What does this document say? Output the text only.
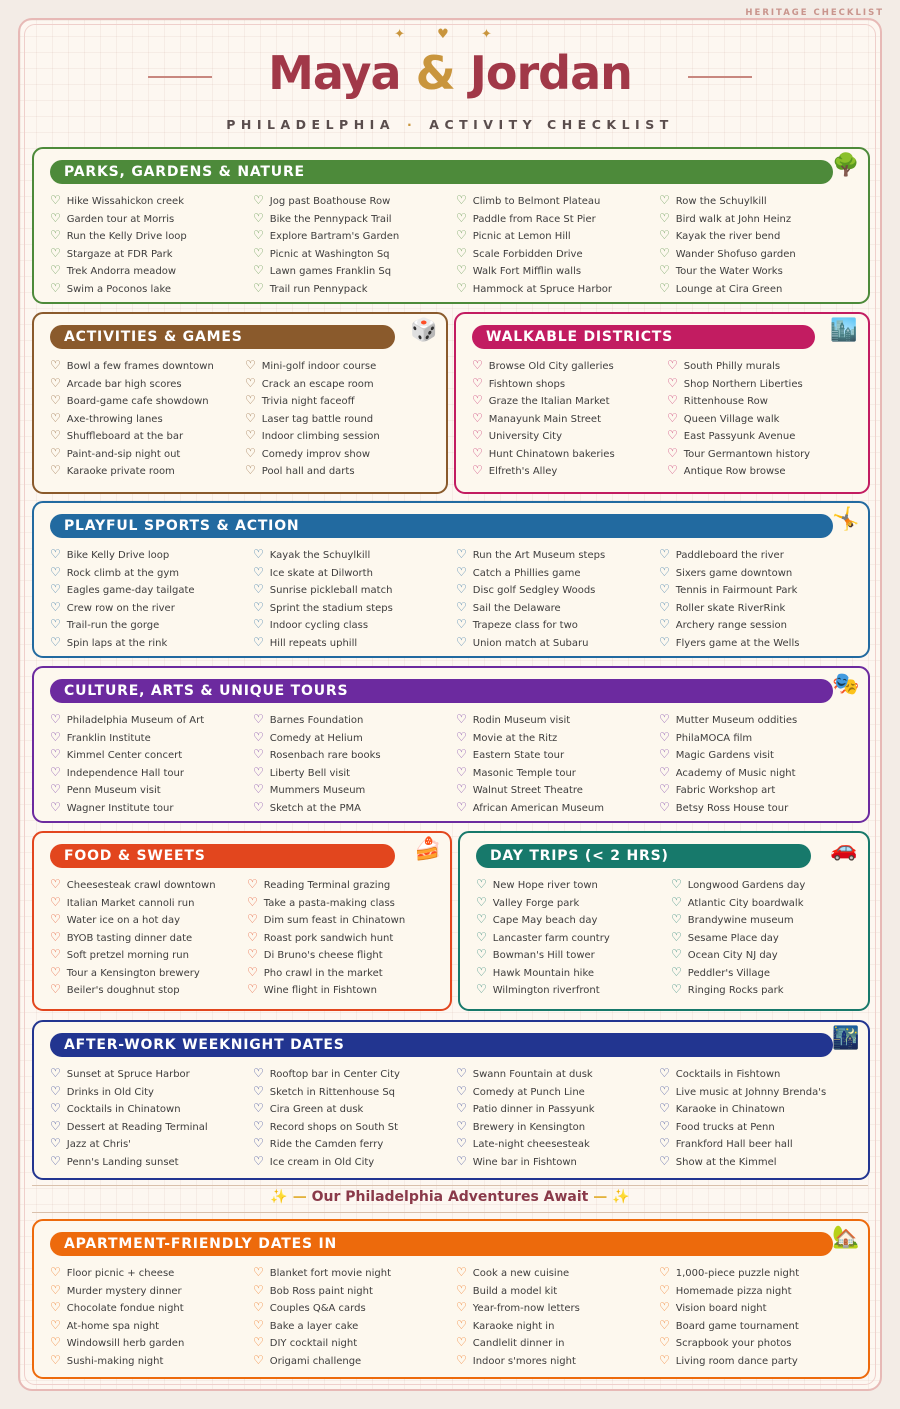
HERITAGE CHECKLIST
✦ ♥ ✦
Maya & Jordan
PHILADELPHIA · ACTIVITY CHECKLIST
PARKS, GARDENS & NATURE	🌳
♡ Hike Wissahickon creek
♡ Garden tour at Morris
♡ Run the Kelly Drive loop
♡ Stargaze at FDR Park
♡ Trek Andorra meadow
♡ Swim a Poconos lake
♡ Jog past Boathouse Row
♡ Bike the Pennypack Trail
♡ Explore Bartram's Garden
♡ Picnic at Washington Sq
♡ Lawn games Franklin Sq
♡ Trail run Pennypack
♡ Climb to Belmont Plateau
♡ Paddle from Race St Pier
♡ Picnic at Lemon Hill
♡ Scale Forbidden Drive
♡ Walk Fort Mifflin walls
♡ Hammock at Spruce Harbor
♡ Row the Schuylkill
♡ Bird walk at John Heinz
♡ Kayak the river bend
♡ Wander Shofuso garden
♡ Tour the Water Works
♡ Lounge at Cira Green
ACTIVITIES & GAMES	🎲
♡ Bowl a few frames downtown
♡ Arcade bar high scores
♡ Board-game cafe showdown
♡ Axe-throwing lanes
♡ Shuffleboard at the bar
♡ Paint-and-sip night out
♡ Karaoke private room
♡ Mini-golf indoor course
♡ Crack an escape room
♡ Trivia night faceoff
♡ Laser tag battle round
♡ Indoor climbing session
♡ Comedy improv show
♡ Pool hall and darts
WALKABLE DISTRICTS	🏙️
♡ Browse Old City galleries
♡ Fishtown shops
♡ Graze the Italian Market
♡ Manayunk Main Street
♡ University City
♡ Hunt Chinatown bakeries
♡ Elfreth's Alley
♡ South Philly murals
♡ Shop Northern Liberties
♡ Rittenhouse Row
♡ Queen Village walk
♡ East Passyunk Avenue
♡ Tour Germantown history
♡ Antique Row browse
PLAYFUL SPORTS & ACTION	🤸
♡ Bike Kelly Drive loop
♡ Rock climb at the gym
♡ Eagles game-day tailgate
♡ Crew row on the river
♡ Trail-run the gorge
♡ Spin laps at the rink
♡ Kayak the Schuylkill
♡ Ice skate at Dilworth
♡ Sunrise pickleball match
♡ Sprint the stadium steps
♡ Indoor cycling class
♡ Hill repeats uphill
♡ Run the Art Museum steps
♡ Catch a Phillies game
♡ Disc golf Sedgley Woods
♡ Sail the Delaware
♡ Trapeze class for two
♡ Union match at Subaru
♡ Paddleboard the river
♡ Sixers game downtown
♡ Tennis in Fairmount Park
♡ Roller skate RiverRink
♡ Archery range session
♡ Flyers game at the Wells
CULTURE, ARTS & UNIQUE TOURS	🎭
♡ Philadelphia Museum of Art
♡ Franklin Institute
♡ Kimmel Center concert
♡ Independence Hall tour
♡ Penn Museum visit
♡ Wagner Institute tour
♡ Barnes Foundation
♡ Comedy at Helium
♡ Rosenbach rare books
♡ Liberty Bell visit
♡ Mummers Museum
♡ Sketch at the PMA
♡ Rodin Museum visit
♡ Movie at the Ritz
♡ Eastern State tour
♡ Masonic Temple tour
♡ Walnut Street Theatre
♡ African American Museum
♡ Mutter Museum oddities
♡ PhilaMOCA film
♡ Magic Gardens visit
♡ Academy of Music night
♡ Fabric Workshop art
♡ Betsy Ross House tour
FOOD & SWEETS	🍰
♡ Cheesesteak crawl downtown
♡ Italian Market cannoli run
♡ Water ice on a hot day
♡ BYOB tasting dinner date
♡ Soft pretzel morning run
♡ Tour a Kensington brewery
♡ Beiler's doughnut stop
♡ Reading Terminal grazing
♡ Take a pasta-making class
♡ Dim sum feast in Chinatown
♡ Roast pork sandwich hunt
♡ Di Bruno's cheese flight
♡ Pho crawl in the market
♡ Wine flight in Fishtown
DAY TRIPS (< 2 HRS)	🚗
♡ New Hope river town
♡ Valley Forge park
♡ Cape May beach day
♡ Lancaster farm country
♡ Bowman's Hill tower
♡ Hawk Mountain hike
♡ Wilmington riverfront
♡ Longwood Gardens day
♡ Atlantic City boardwalk
♡ Brandywine museum
♡ Sesame Place day
♡ Ocean City NJ day
♡ Peddler's Village
♡ Ringing Rocks park
AFTER-WORK WEEKNIGHT DATES	🌃
♡ Sunset at Spruce Harbor
♡ Drinks in Old City
♡ Cocktails in Chinatown
♡ Dessert at Reading Terminal
♡ Jazz at Chris'
♡ Penn's Landing sunset
♡ Rooftop bar in Center City
♡ Sketch in Rittenhouse Sq
♡ Cira Green at dusk
♡ Record shops on South St
♡ Ride the Camden ferry
♡ Ice cream in Old City
♡ Swann Fountain at dusk
♡ Comedy at Punch Line
♡ Patio dinner in Passyunk
♡ Brewery in Kensington
♡ Late-night cheesesteak
♡ Wine bar in Fishtown
♡ Cocktails in Fishtown
♡ Live music at Johnny Brenda's
♡ Karaoke in Chinatown
♡ Food trucks at Penn
♡ Frankford Hall beer hall
♡ Show at the Kimmel
✨ — Our Philadelphia Adventures Await — ✨
APARTMENT-FRIENDLY DATES IN	🏡
♡ Floor picnic + cheese
♡ Murder mystery dinner
♡ Chocolate fondue night
♡ At-home spa night
♡ Windowsill herb garden
♡ Sushi-making night
♡ Blanket fort movie night
♡ Bob Ross paint night
♡ Couples Q&A cards
♡ Bake a layer cake
♡ DIY cocktail night
♡ Origami challenge
♡ Cook a new cuisine
♡ Build a model kit
♡ Year-from-now letters
♡ Karaoke night in
♡ Candlelit dinner in
♡ Indoor s'mores night
♡ 1,000-piece puzzle night
♡ Homemade pizza night
♡ Vision board night
♡ Board game tournament
♡ Scrapbook your photos
♡ Living room dance party
